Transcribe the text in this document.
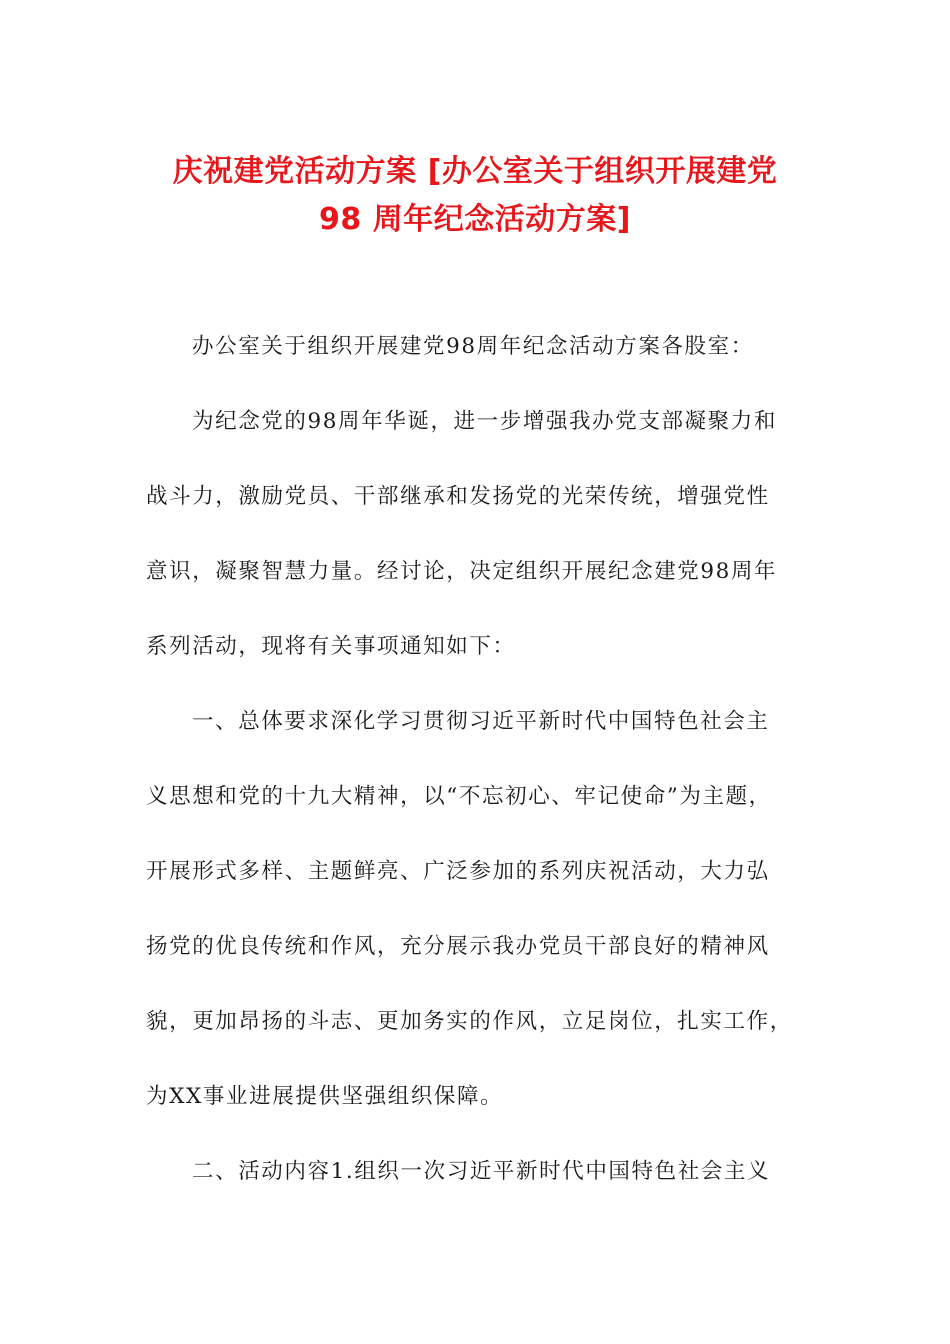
庆祝建党活动方案 [办公室关于组织开展建党
98 周年纪念活动方案]
办公室关于组织开展建党98周年纪念活动方案各股室：
为纪念党的98周年华诞，进一步增强我办党支部凝聚力和
战斗力，激励党员、干部继承和发扬党的光荣传统，增强党性
意识，凝聚智慧力量。经讨论，决定组织开展纪念建党98周年
系列活动，现将有关事项通知如下：
一、总体要求深化学习贯彻习近平新时代中国特色社会主
义思想和党的十九大精神，以“不忘初心、牢记使命”为主题，
开展形式多样、主题鲜亮、广泛参加的系列庆祝活动，大力弘
扬党的优良传统和作风，充分展示我办党员干部良好的精神风
貌，更加昂扬的斗志、更加务实的作风，立足岗位，扎实工作，
为XX事业进展提供坚强组织保障。
二、活动内容1.组织一次习近平新时代中国特色社会主义
